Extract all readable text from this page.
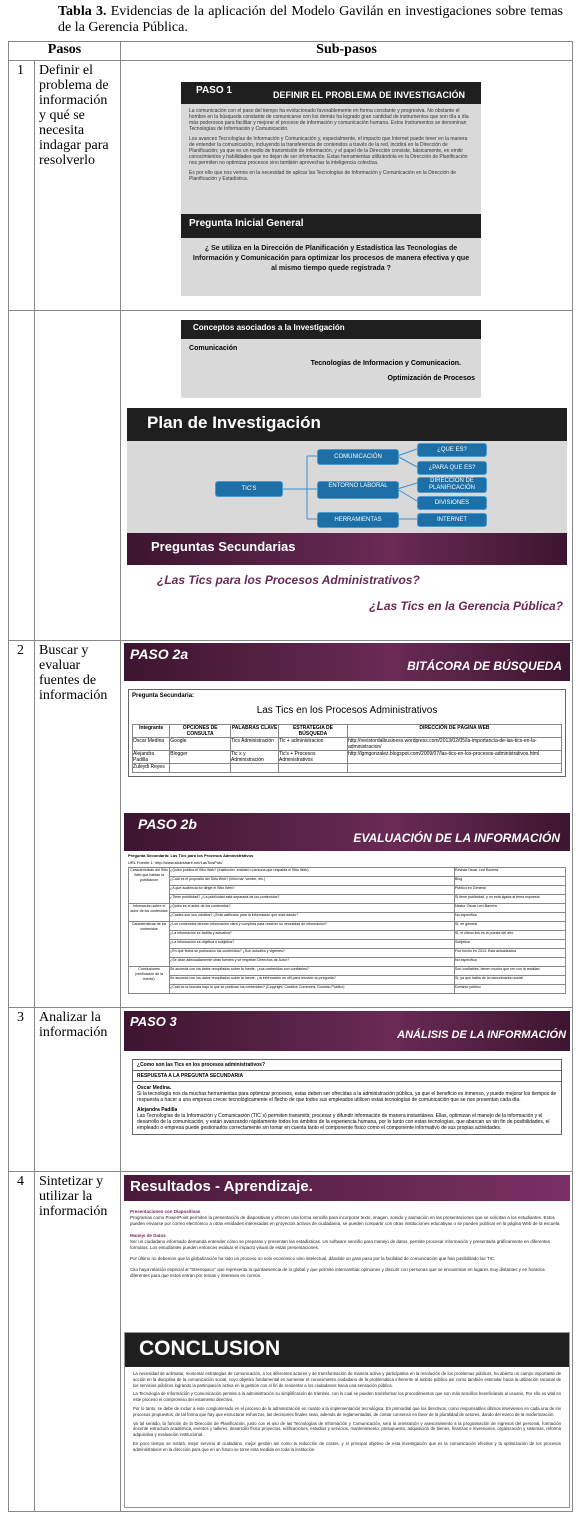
Tabla 3. Evidencias de la aplicación del Modelo Gavilán en investigaciones sobre temas de la Gerencia Pública.
Pasos	Sub-pasos
1	Definir el problema de información y qué se necesita indagar para resolverlo	
PASO 1	DEFINIR EL PROBLEMA DE INVESTIGACIÓN

La comunicación con el paso del tiempo ha evolucionado favorablemente en forma constante y progresiva. No obstante el hombre en la búsqueda constante de comunicarse con los demás ha logrado gran cantidad de instrumentos que son día a día más poderosos para facilitar y mejorar el proceso de información y comunicación humana. Estos Instrumentos se denominan Tecnologías de Información y Comunicación.

Los avances Tecnologías de Información y Comunicación y, especialmente, el impacto que Internet puede tener en la manera de entender la comunicación, incluyendo la transferencia de contenidos a través de la red, incidirá en la Dirección de Planificación; ya que es un medio de transmisión de información, y el papel de la Dirección consiste, básicamente, en emitir conocimientos y habilidades que no dejan de ser información. Estas herramientas utilizándola en la Dirección de Planificación nos permiten no optimizar procesos sino también aprovechar la inteligencia colectiva.

Es por ello que nos vemos en la necesidad de aplicar las Tecnologías de Información y Comunicación en la Dirección de Planificación y Estadística.

Pregunta Inicial General
¿ Se utiliza en la Dirección de Planificación y Estadística las Tecnologías de Información y Comunicación para optimizar los procesos de manera efectiva y que al mismo tiempo quede registrada ?

Conceptos asociados a la Investigación
Comunicación
Tecnologías de Informacion y Comunicacion.
Optimización de Procesos
Plan de Investigación
TIC'S
COMUNICACIÓN
ENTORNO LABORAL
HERRAMIENTAS
¿QUE ES?
¿PARA QUE ES?
DIRECCIÓN DE PLANIFICACIÓN
DIVISIONES
INTERNET
Preguntas Secundarias
¿Las Tics para los Procesos Administrativos?
¿Las Tics en la Gerencia Pública?

2	Buscar y evaluar fuentes de información	
PASO 2a
BITÁCORA DE BÚSQUEDA
Pregunta Secundaria:
Las Tics en los Procesos Administrativos
Integrante	OPCIONES DE CONSULTA	PALABRAS CLAVE	ESTRATEGIA DE BÚSQUEDA	DIRECCIÓN DE PÁGINA WEB
Oscar Medina	Google	Tics Administración	Tic + administracion	http://revistordalbusiness.wordpress.com/2013/02/05/la-importancia-de-las-tics-en-la-administracion/
Alejandra Padilla	Blogger	Tic´s y Administración	Tic's + Procesos Administrativos	http://lgmgonzalez.blogspot.com/2009/07/las-tics-en-los-procesos-administrativos.html
Zuleydi Reyes				
PASO 2b
EVALUACIÓN DE LA INFORMACIÓN
Pregunta Secundaria: Las Tics para los Procesos Administrativos
URL Fuente 1: http://www.slideshare.net/LasTicsPub/
Características del Sitio Web que hablan la publicación	¿Quién publica el Sitio Web? (Institución, entidad o persona que respalda el Sitio Web)	Revista Oscar Levi Barrera
¿Cuál es el propósito del Sitio Web? (Informar, vender, etc.)	Blog
¿A qué audiencia se dirige el Sitio Web?	Público en General
¿Tiene publicidad? ¿La publicidad está separada de los contenidos?	Si tiene publicidad, y no está ligada al tema expuesto
Información sobre el autor de los contenidos	¿Quién es el autor de los contenidos?	Nestor Oscar Levi Barrera
¿Cuáles son sus créditos? ¿Está calificado para la información que está dando?	No especifica
Características de los contenidos	¿Los contenidos ofrecen información clara y completa para resolver su necesidad de información?	Si, en general
¿La información se facilita y actualiza?	Si, el último link es la puesta del año
¿La información es objetiva o subjetiva?	Subjetiva
¿En qué fecha se publicaron los contenidos? ¿Son actuales y vigentes?	Fue hecho en 2013. Esta actualizados
¿Se citan adecuadamente otras fuentes y se respetan Derechos de Autor?	No especifica
Conclusiones (verificación de la fuente)	Se acuerda con los datos recopilados sobre la fuente, ¿sus contenidos son confiables?	Son confiables, tienen mucho que ver con la realidad
Se acuerda con los datos recopilados sobre la fuente, ¿la información es útil para resolver su pregunta?	Si, ya que habla de la comunicación social
¿Cuál es la licencia bajo la que se publican los contenidos? (Copyright, Creative Commons, Dominio Público)	Dominio público

3	Analizar la información	
PASO 3
ANÁLISIS DE LA INFORMACIÓN
¿Como son las Tics en los procesos administrativos?
RESPUESTA A LA PREGUNTA SECUNDARIA
Oscar Medina.
Si la tecnología nos da muchas herramientas para optimizar procesos, estas deben ser ofrecidas a la administración pública, ya que el beneficio es inmenso, y puede mejorar los tiempos de respuesta a hacer a una empresa crecer tecnológicamente el flecho de que todos sus empleados utilicen estas tecnologías de comunicación que se nos presentan cada día.
Alejandra Padilla
Las Tecnologías de la Información y Comunicación (TIC´s) permiten transmitir, procesar y difundir información de manera instantánea. Ellas, optimizan el manejo de la información y el desarrollo de la comunicación, y están avanzando rápidamente todos los ámbitos de la experiencia humana, por lo tanto con estas tecnologías, que abarcan un sin fin de posibilidades, el empleado o empresa puede gestionarlos correctamente sin tomar en cuenta tanto el componente físico como el componente informativo de sus propias actividades.

4	Sintetizar y utilizar la información	
Resultados - Aprendizaje.
Presentaciones con Diapositivas
Programas como PowerPoint permiten la presentación de diapositivas y ofrecen una forma sencilla para incorporar texto, imagen, sonido y animación en las presentaciones que se solicitan a los estudiantes. Estos pueden enviarse por correo electrónico a otras entidades interesadas en proyectos activos de ciudadanía, se pueden compartir con otras instituciones educativas o se pueden publicar en la página Web de la escuela.
Manejo de Datos
Ser un ciudadano informado demanda entender cómo se preparan y presentan las estadísticas. Un software sencillo para manejo de datos, permite procesar información y presentarla gráficamente en diferentes formatos. Los estudiantes pueden entonces evaluar el impacto visual de estas presentaciones.
Por último no debemos que la globalización ha sido un proceso no solo económico sino intelectual, dándole un gran paso por la facilidad de comunicación que han posibilitado las TIC.
Cito haya relación especial al “Stereopaco” que representa la quintaesencia de lo global y que permite intercambiar opiniones y discutir con personas que se encuentran en lugares muy distantes y en horarios diferentes para que estos entran por temas y intereses en común.
CONCLUSION

La necesidad de aclimatar, reorientar estrategias de comunicación, a los diferentes actores y de transformación de manera activa y participativa en la resolución de los problemas públicos, ha abierto un campo importante de acción en la disciplina de la comunicación social, cuyo objetivo fundamental es aumentar el conocimiento ciudadano de la problemática inherente al ámbito público así como también estimular hacia la utilización racional de los servicios públicos logrando la participación activa en la gestión con el fin de reorientar a los ciudadanos hacia una sensación pública.

La Tecnología de Información y Comunicación permite a la administración su simplificación de trámites, con lo cual se pueden transformar los procedimientos que son más sencillos beneficiando al usuario. Por ello es vital en este proceso el compromiso del estamento directivo.

Por lo tanto, se debe de incluir a este conglomerado en el proceso de la administración en cuanto a la implementación tecnológica. En primordial que los directivos, como responsables últimos intervienen en cada una de los procesos propuestos, de tal forma que hay que estructurar esfuerzos, las decisiones finales sean, además de reglamentadas, de contar consenso en favor de la pluralidad de actores, dando del marco de la modernización.

Va tal sentido, la función de la Dirección de Planificación, justo con el uso de las Tecnologías de Información y Comunicación, será la orientación y asesoramiento a la programación de ingresos del personal, formación docente estructura académica, eventos y talleres, desarrollo físico proyectos, edificaciones, estudios y servicios, mantenimiento, presupuesto, adquisición de bienes, finanzas e inversiones, organización y sistemas, reforma adquisitiva y evaluación institucional.

En poco tiempo se notará, mejor servicio al ciudadano, mejor gestión así como la reducción de costos, y el principal objetivo de esta investigación que es la comunicación efectiva y la optimización de los procesos administrativos en la dirección para que en un futuro se tome esta medida en toda la institución.
